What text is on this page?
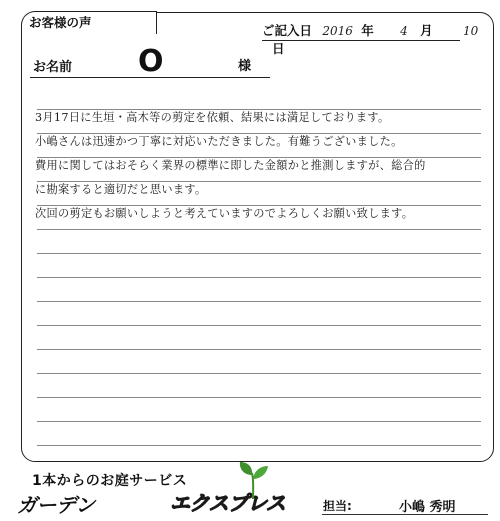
お客様の声
ご記入日 2016 年 4 月	10 日
お名前 O	様
3月17日に生垣・高木等の剪定を依頼、結果には満足しております。
小嶋さんは迅速かつ丁寧に対応いただきました。有難うございました。
費用に関してはおそらく業界の標準に即した金額かと推測しますが、総合的
に勘案すると適切だと思います。
次回の剪定もお願いしようと考えていますのでよろしくお願い致します。
1本からのお庭サービス
ガーデン	エクスプレス	担当:	小嶋 秀明
